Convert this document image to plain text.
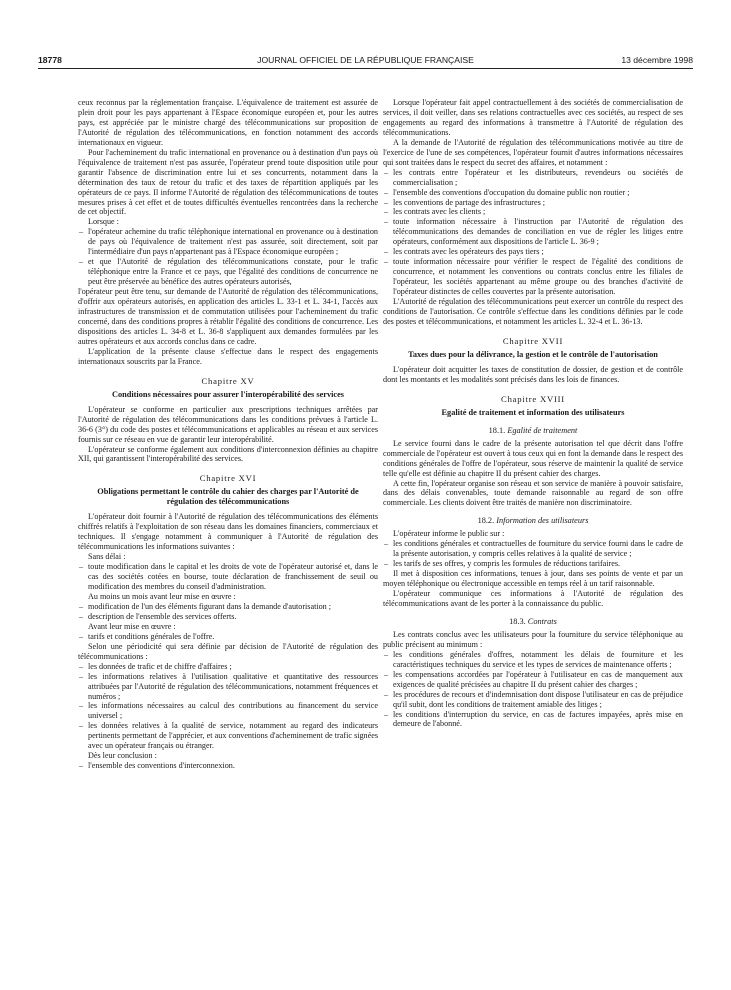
18778	JOURNAL OFFICIEL DE LA RÉPUBLIQUE FRANÇAISE	13 décembre 1998

ceux reconnus par la réglementation française. L'équivalence de traitement est assurée de plein droit pour les pays appartenant à l'Espace économique européen et, pour les autres pays, est appréciée par le ministre chargé des télécommunications sur proposition de l'Autorité de régulation des télécommunications, en fonction notamment des accords internationaux en vigueur.

Pour l'acheminement du trafic international en provenance ou à destination d'un pays où l'équivalence de traitement n'est pas assurée, l'opérateur prend toute disposition utile pour garantir l'absence de discrimination entre lui et ses concurrents, notamment dans la détermination des taux de retour du trafic et des taxes de répartition appliqués par les opérateurs de ce pays. Il informe l'Autorité de régulation des télécommunications de toutes mesures prises à cet effet et de toutes difficultés éventuelles rencontrées dans la recherche de cet objectif.

Lorsque :

– l'opérateur achemine du trafic téléphonique international en provenance ou à destination de pays où l'équivalence de traitement n'est pas assurée, soit directement, soit par l'intermédiaire d'un pays n'appartenant pas à l'Espace économique européen ;
– et que l'Autorité de régulation des télécommunications constate, pour le trafic téléphonique entre la France et ce pays, que l'égalité des conditions de concurrence ne peut être préservée au bénéfice des autres opérateurs autorisés,

l'opérateur peut être tenu, sur demande de l'Autorité de régulation des télécommunications, d'offrir aux opérateurs autorisés, en application des articles L. 33-1 et L. 34-1, l'accès aux infrastructures de transmission et de commutation utilisées pour l'acheminement du trafic concerné, dans des conditions propres à rétablir l'égalité des conditions de concurrence. Les dispositions des articles L. 34-8 et L. 36-8 s'appliquent aux demandes formulées par les autres opérateurs et aux accords conclus dans ce cadre.

L'application de la présente clause s'effectue dans le respect des engagements internationaux souscrits par la France.

Chapitre XV
Conditions nécessaires pour assurer l'interopérabilité des services

L'opérateur se conforme en particulier aux prescriptions techniques arrêtées par l'Autorité de régulation des télécommunications dans les conditions prévues à l'article L. 36-6 (3°) du code des postes et télécommunications et applicables au réseau et aux services fournis sur ce réseau en vue de garantir leur interopérabilité.

L'opérateur se conforme également aux conditions d'interconnexion définies au chapitre XII, qui garantissent l'interopérabilité des services.

Chapitre XVI
Obligations permettant le contrôle du cahier des charges par l'Autorité de régulation des télécommunications

L'opérateur doit fournir à l'Autorité de régulation des télécommunications des éléments chiffrés relatifs à l'exploitation de son réseau dans les domaines financiers, commerciaux et techniques. Il s'engage notamment à communiquer à l'Autorité de régulation des télécommunications les informations suivantes :

Sans délai :

– toute modification dans le capital et les droits de vote de l'opérateur autorisé et, dans le cas des sociétés cotées en bourse, toute déclaration de franchissement de seuil ou modification des membres du conseil d'administration.

Au moins un mois avant leur mise en œuvre :

– modification de l'un des éléments figurant dans la demande d'autorisation ;
– description de l'ensemble des services offerts.

Avant leur mise en œuvre :

– tarifs et conditions générales de l'offre.

Selon une périodicité qui sera définie par décision de l'Autorité de régulation des télécommunications :

– les données de trafic et de chiffre d'affaires ;
– les informations relatives à l'utilisation qualitative et quantitative des ressources attribuées par l'Autorité de régulation des télécommunications, notamment fréquences et numéros ;
– les informations nécessaires au calcul des contributions au financement du service universel ;
– les données relatives à la qualité de service, notamment au regard des indicateurs pertinents permettant de l'apprécier, et aux conventions d'acheminement de trafic signées avec un opérateur français ou étranger.

Dès leur conclusion :

– l'ensemble des conventions d'interconnexion.

Lorsque l'opérateur fait appel contractuellement à des sociétés de commercialisation de services, il doit veiller, dans ses relations contractuelles avec ces sociétés, au respect de ses engagements au regard des informations à transmettre à l'Autorité de régulation des télécommunications.

A la demande de l'Autorité de régulation des télécommunications motivée au titre de l'exercice de l'une de ses compétences, l'opérateur fournit d'autres informations nécessaires qui sont traitées dans le respect du secret des affaires, et notamment :

– les contrats entre l'opérateur et les distributeurs, revendeurs ou sociétés de commercialisation ;
– l'ensemble des conventions d'occupation du domaine public non routier ;
– les conventions de partage des infrastructures ;
– les contrats avec les clients ;
– toute information nécessaire à l'instruction par l'Autorité de régulation des télécommunications des demandes de conciliation en vue de régler les litiges entre opérateurs, conformément aux dispositions de l'article L. 36-9 ;
– les contrats avec les opérateurs des pays tiers ;
– toute information nécessaire pour vérifier le respect de l'égalité des conditions de concurrence, et notamment les conventions ou contrats conclus entre les filiales de l'opérateur, les sociétés appartenant au même groupe ou des branches d'activité de l'opérateur distinctes de celles couvertes par la présente autorisation.

L'Autorité de régulation des télécommunications peut exercer un contrôle du respect des conditions de l'autorisation. Ce contrôle s'effectue dans les conditions définies par le code des postes et télécommunications, et notamment les articles L. 32-4 et L. 36-13.

Chapitre XVII
Taxes dues pour la délivrance, la gestion et le contrôle de l'autorisation

L'opérateur doit acquitter les taxes de constitution de dossier, de gestion et de contrôle dont les montants et les modalités sont précisés dans les lois de finances.

Chapitre XVIII
Egalité de traitement et information des utilisateurs
18.1. Egalité de traitement

Le service fourni dans le cadre de la présente autorisation tel que décrit dans l'offre commerciale de l'opérateur est ouvert à tous ceux qui en font la demande dans le respect des conditions générales de l'offre de l'opérateur, sous réserve de maintenir la qualité de service telle qu'elle est définie au chapitre II du présent cahier des charges.

A cette fin, l'opérateur organise son réseau et son service de manière à pouvoir satisfaire, dans des délais convenables, toute demande raisonnable au regard de son offre commerciale. Les clients doivent être traités de manière non discriminatoire.

18.2. Information des utilisateurs

L'opérateur informe le public sur :

– les conditions générales et contractuelles de fourniture du service fourni dans le cadre de la présente autorisation, y compris celles relatives à la qualité de service ;
– les tarifs de ses offres, y compris les formules de réductions tarifaires.

Il met à disposition ces informations, tenues à jour, dans ses points de vente et par un moyen téléphonique ou électronique accessible en temps réel à un tarif raisonnable.

L'opérateur communique ces informations à l'Autorité de régulation des télécommunications avant de les porter à la connaissance du public.

18.3. Contrats

Les contrats conclus avec les utilisateurs pour la fourniture du service téléphonique au public précisent au minimum :

– les conditions générales d'offres, notamment les délais de fourniture et les caractéristiques techniques du service et les types de services de maintenance offerts ;
– les compensations accordées par l'opérateur à l'utilisateur en cas de manquement aux exigences de qualité précisées au chapitre II du présent cahier des charges ;
– les procédures de recours et d'indemnisation dont dispose l'utilisateur en cas de préjudice qu'il subit, dont les conditions de traitement amiable des litiges ;
– les conditions d'interruption du service, en cas de factures impayées, après mise en demeure de l'abonné.
